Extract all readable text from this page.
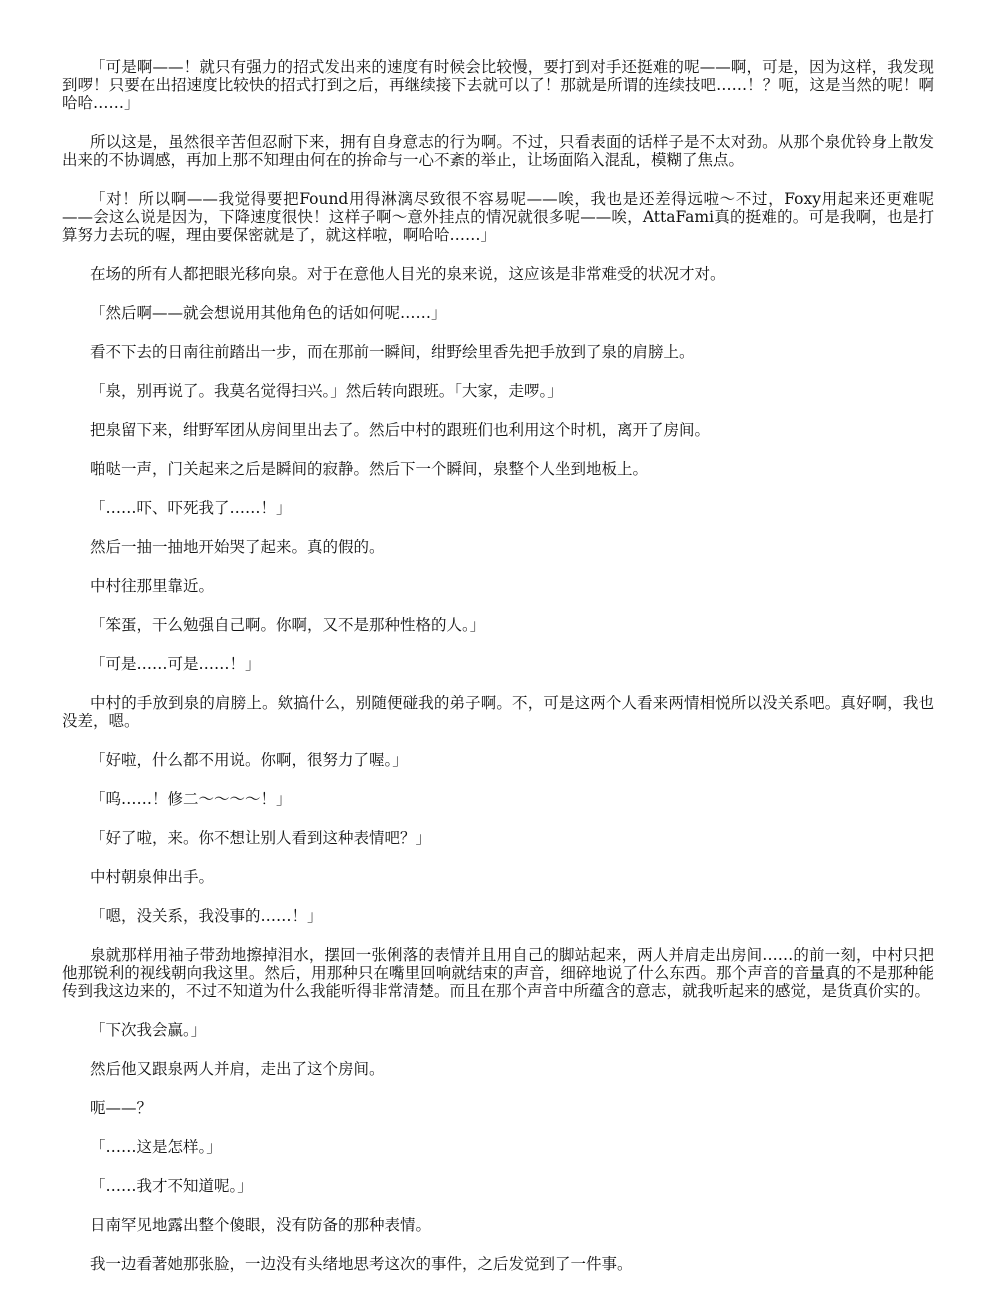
「可是啊——！就只有强力的招式发出来的速度有时候会比较慢，要打到对手还挺难的呢——啊，可是，因为这样，我发现到啰！只要在出招速度比较快的招式打到之后，再继续接下去就可以了！那就是所谓的连续技吧……！？呃，这是当然的呢！啊哈哈……」

所以这是，虽然很辛苦但忍耐下来，拥有自身意志的行为啊。不过，只看表面的话样子是不太对劲。从那个泉优铃身上散发出来的不协调感，再加上那不知理由何在的拚命与一心不紊的举止，让场面陷入混乱，模糊了焦点。

「对！所以啊——我觉得要把Found用得淋漓尽致很不容易呢——唉，我也是还差得远啦～不过，Foxy用起来还更难呢——会这么说是因为，下降速度很快！这样子啊～意外挂点的情况就很多呢——唉，AttaFami真的挺难的。可是我啊，也是打算努力去玩的喔，理由要保密就是了，就这样啦，啊哈哈……」

在场的所有人都把眼光移向泉。对于在意他人目光的泉来说，这应该是非常难受的状况才对。

「然后啊——就会想说用其他角色的话如何呢……」

看不下去的日南往前踏出一步，而在那前一瞬间，绀野绘里香先把手放到了泉的肩膀上。

「泉，别再说了。我莫名觉得扫兴。」然后转向跟班。「大家，走啰。」

把泉留下来，绀野军团从房间里出去了。然后中村的跟班们也利用这个时机，离开了房间。

啪哒一声，门关起来之后是瞬间的寂静。然后下一个瞬间，泉整个人坐到地板上。

「……吓、吓死我了……！」

然后一抽一抽地开始哭了起来。真的假的。

中村往那里靠近。

「笨蛋，干么勉强自己啊。你啊，又不是那种性格的人。」

「可是……可是……！」

中村的手放到泉的肩膀上。欸搞什么，别随便碰我的弟子啊。不，可是这两个人看来两情相悦所以没关系吧。真好啊，我也没差，嗯。

「好啦，什么都不用说。你啊，很努力了喔。」

「呜……！修二～～～～！」

「好了啦，来。你不想让别人看到这种表情吧？」

中村朝泉伸出手。

「嗯，没关系，我没事的……！」

泉就那样用袖子带劲地擦掉泪水，摆回一张俐落的表情并且用自己的脚站起来，两人并肩走出房间……的前一刻，中村只把他那锐利的视线朝向我这里。然后，用那种只在嘴里回响就结束的声音，细碎地说了什么东西。那个声音的音量真的不是那种能传到我这边来的，不过不知道为什么我能听得非常清楚。而且在那个声音中所蕴含的意志，就我听起来的感觉，是货真价实的。

「下次我会赢。」

然后他又跟泉两人并肩，走出了这个房间。

呃——？

「……这是怎样。」

「……我才不知道呢。」

日南罕见地露出整个傻眼，没有防备的那种表情。

我一边看著她那张脸，一边没有头绪地思考这次的事件，之后发觉到了一件事。
